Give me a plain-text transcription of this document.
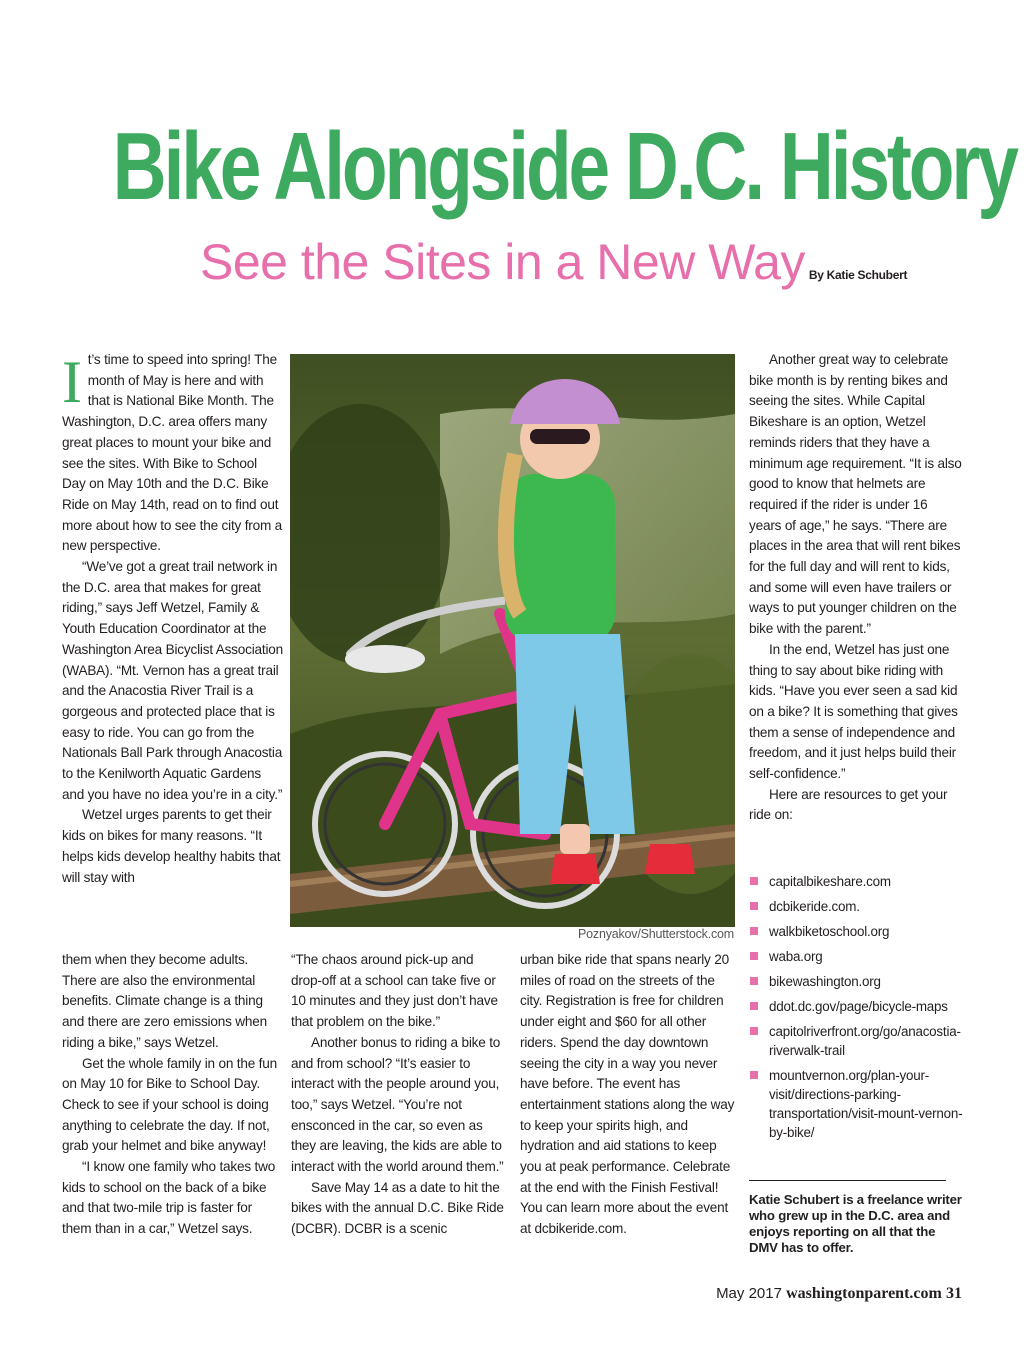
Bike Alongside D.C. History
See the Sites in a New Way By Katie Schubert

It’s time to speed into spring! The month of May is here and with that is National Bike Month. The Washington, D.C. area offers many great places to mount your bike and see the sites. With Bike to School Day on May 10th and the D.C. Bike Ride on May 14th, read on to find out more about how to see the city from a new perspective.

“We’ve got a great trail network in the D.C. area that makes for great riding,” says Jeff Wetzel, Family & Youth Education Coordinator at the Washington Area Bicyclist Association (WABA). “Mt. Vernon has a great trail and the Anacostia River Trail is a gorgeous and protected place that is easy to ride. You can go from the Nationals Ball Park through Anacostia to the Kenilworth Aquatic Gardens and you have no idea you’re in a city.”

Wetzel urges parents to get their kids on bikes for many reasons. “It helps kids develop healthy habits that will stay with

them when they become adults. There are also the environmental benefits. Climate change is a thing and there are zero emissions when riding a bike,” says Wetzel.

Get the whole family in on the fun on May 10 for Bike to School Day. Check to see if your school is doing anything to celebrate the day. If not, grab your helmet and bike anyway!

“I know one family who takes two kids to school on the back of a bike and that two-mile trip is faster for them than in a car,” Wetzel says.

Poznyakov/Shutterstock.com

“The chaos around pick-up and drop-off at a school can take five or 10 minutes and they just don’t have that problem on the bike.”

Another bonus to riding a bike to and from school? “It’s easier to interact with the people around you, too,” says Wetzel. “You’re not ensconced in the car, so even as they are leaving, the kids are able to interact with the world around them.”

Save May 14 as a date to hit the bikes with the annual D.C. Bike Ride (DCBR). DCBR is a scenic

urban bike ride that spans nearly 20 miles of road on the streets of the city. Registration is free for children under eight and $60 for all other riders. Spend the day downtown seeing the city in a way you never have before. The event has entertainment stations along the way to keep your spirits high, and hydration and aid stations to keep you at peak performance. Celebrate at the end with the Finish Festival! You can learn more about the event at dcbikeride.com.

Another great way to celebrate bike month is by renting bikes and seeing the sites. While Capital Bikeshare is an option, Wetzel reminds riders that they have a minimum age requirement. “It is also good to know that helmets are required if the rider is under 16 years of age,” he says. “There are places in the area that will rent bikes for the full day and will rent to kids, and some will even have trailers or ways to put younger children on the bike with the parent.”

In the end, Wetzel has just one thing to say about bike riding with kids. “Have you ever seen a sad kid on a bike? It is something that gives them a sense of independence and freedom, and it just helps build their self-confidence.”

Here are resources to get your ride on:

capitalbikeshare.com
dcbikeride.com.
walkbiketoschool.org
waba.org
bikewashington.org
ddot.dc.gov/page/bicycle-maps
capitolriverfront.org/go/anacostia-riverwalk-trail
mountvernon.org/plan-your-visit/directions-parking-transportation/visit-mount-vernon-by-bike/
Katie Schubert is a freelance writer who grew up in the D.C. area and enjoys reporting on all that the DMV has to offer.
May 2017 washingtonparent.com 31
